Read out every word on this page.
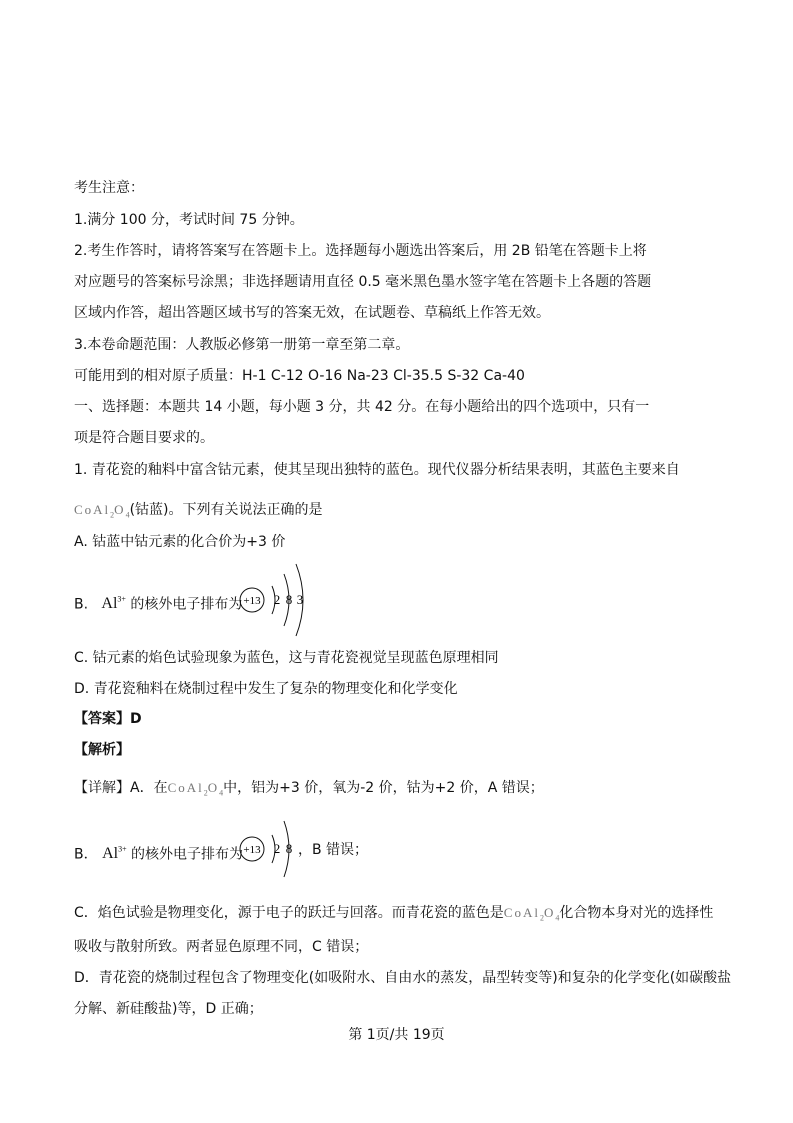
考生注意：
1.满分 100 分，考试时间 75 分钟。
2.考生作答时，请将答案写在答题卡上。选择题每小题选出答案后，用 2B 铅笔在答题卡上将
对应题号的答案标号涂黑；非选择题请用直径 0.5 毫米黑色墨水签字笔在答题卡上各题的答题
区域内作答，超出答题区域书写的答案无效，在试题卷、草稿纸上作答无效。
3.本卷命题范围：人教版必修第一册第一章至第二章。
可能用到的相对原子质量：H-1 C-12 O-16 Na-23 Cl-35.5 S-32 Ca-40
一、选择题：本题共 14 小题，每小题 3 分，共 42 分。在每小题给出的四个选项中，只有一
项是符合题目要求的。
1. 青花瓷的釉料中富含钴元素，使其呈现出独特的蓝色。现代仪器分析结果表明，其蓝色主要来自
$CoAl_2O_4$(钴蓝)。下列有关说法正确的是
A. 钴蓝中钴元素的化合价为+3 价
B. $Al^{3+}$ 的核外电子排布为 +13 2 8 3
C. 钴元素的焰色试验现象为蓝色，这与青花瓷视觉呈现蓝色原理相同
D. 青花瓷釉料在烧制过程中发生了复杂的物理变化和化学变化
【答案】D
【解析】
【详解】A．在$CoAl_2O_4$中，铝为+3 价，氧为-2 价，钴为+2 价，A 错误；
B． $Al^{3+}$ 的核外电子排布为 +13 2 8 ，B 错误；
C．焰色试验是物理变化，源于电子的跃迁与回落。而青花瓷的蓝色是$CoAl_2O_4$化合物本身对光的选择性
吸收与散射所致。两者显色原理不同，C 错误；
D．青花瓷的烧制过程包含了物理变化(如吸附水、自由水的蒸发，晶型转变等)和复杂的化学变化(如碳酸盐
分解、新硅酸盐)等，D 正确；
第 1页/共 19页
